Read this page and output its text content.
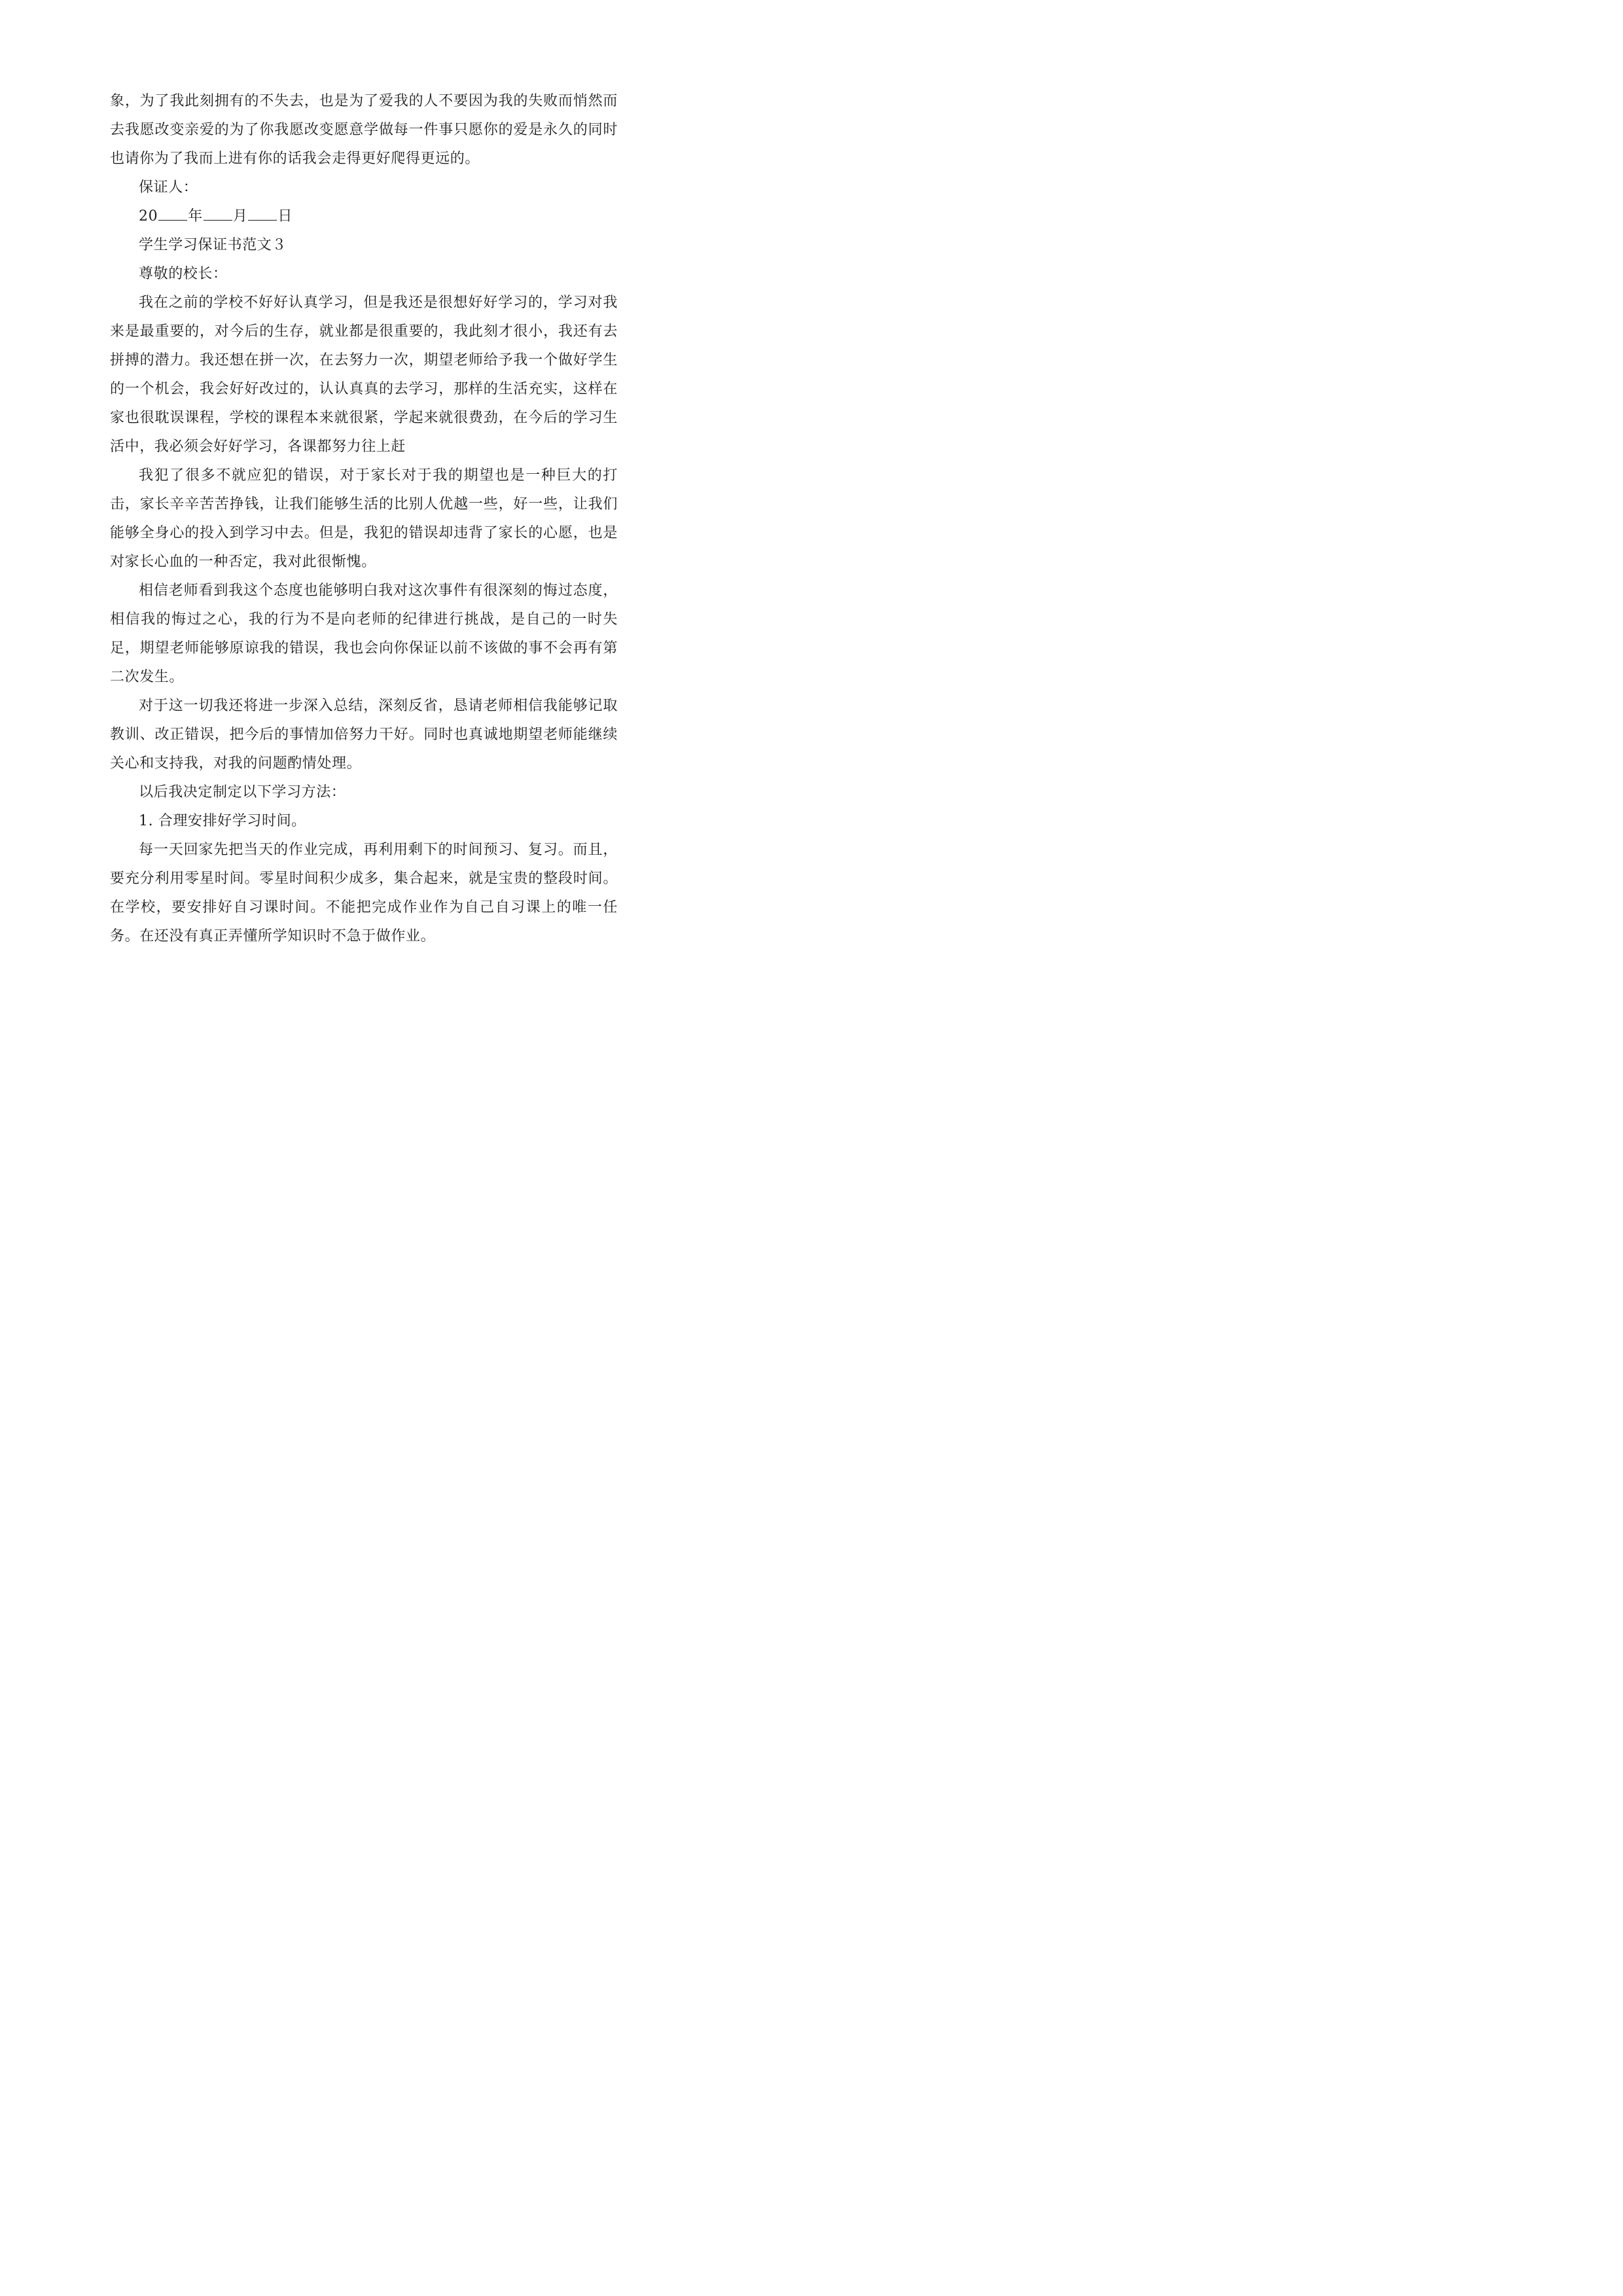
象，为了我此刻拥有的不失去，也是为了爱我的人不要因为我的失败而悄然而去我愿改变亲爱的为了你我愿改变愿意学做每一件事只愿你的爱是永久的同时也请你为了我而上进有你的话我会走得更好爬得更远的。

保证人：

20 年 月 日

学生学习保证书范文３

尊敬的校长：

我在之前的学校不好好认真学习，但是我还是很想好好学习的，学习对我来是最重要的，对今后的生存，就业都是很重要的，我此刻才很小，我还有去拼搏的潜力。我还想在拼一次，在去努力一次，期望老师给予我一个做好学生的一个机会，我会好好改过的，认认真真的去学习，那样的生活充实，这样在家也很耽误课程，学校的课程本来就很紧，学起来就很费劲，在今后的学习生活中，我必须会好好学习，各课都努力往上赶

我犯了很多不就应犯的错误，对于家长对于我的期望也是一种巨大的打击，家长辛辛苦苦挣钱，让我们能够生活的比别人优越一些，好一些，让我们能够全身心的投入到学习中去。但是，我犯的错误却违背了家长的心愿，也是对家长心血的一种否定，我对此很惭愧。

相信老师看到我这个态度也能够明白我对这次事件有很深刻的悔过态度，相信我的悔过之心，我的行为不是向老师的纪律进行挑战，是自己的一时失足，期望老师能够原谅我的错误，我也会向你保证以前不该做的事不会再有第二次发生。

对于这一切我还将进一步深入总结，深刻反省，恳请老师相信我能够记取教训、改正错误，把今后的事情加倍努力干好。同时也真诚地期望老师能继续关心和支持我，对我的问题酌情处理。

以后我决定制定以下学习方法：

1. 合理安排好学习时间。

每一天回家先把当天的作业完成，再利用剩下的时间预习、复习。而且，要充分利用零星时间。零星时间积少成多，集合起来，就是宝贵的整段时间。在学校，要安排好自习课时间。不能把完成作业作为自己自习课上的唯一任务。在还没有真正弄懂所学知识时不急于做作业。
